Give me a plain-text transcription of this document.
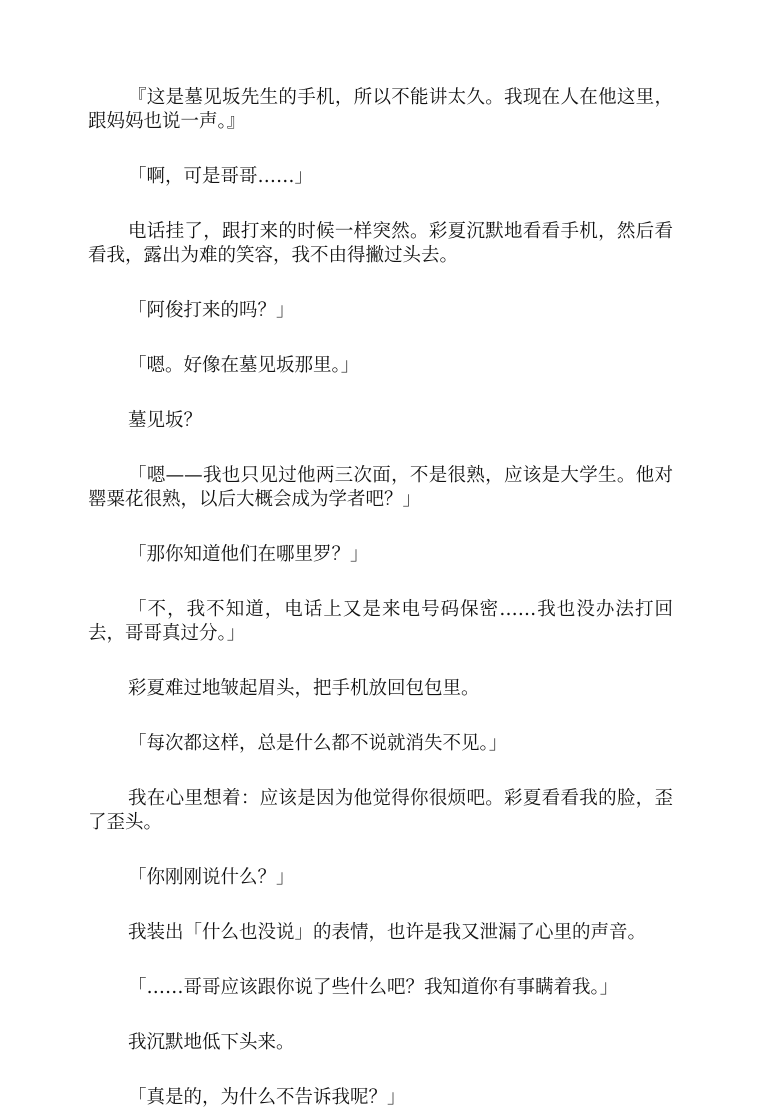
『这是墓见坂先生的手机，所以不能讲太久。我现在人在他这里，跟妈妈也说一声。』

「啊，可是哥哥……」

电话挂了，跟打来的时候一样突然。彩夏沉默地看看手机，然后看看我，露出为难的笑容，我不由得撇过头去。

「阿俊打来的吗？」

「嗯。好像在墓见坂那里。」

墓见坂？

「嗯——我也只见过他两三次面，不是很熟，应该是大学生。他对罂粟花很熟，以后大概会成为学者吧？」

「那你知道他们在哪里罗？」

「不，我不知道，电话上又是来电号码保密……我也没办法打回去，哥哥真过分。」

彩夏难过地皱起眉头，把手机放回包包里。

「每次都这样，总是什么都不说就消失不见。」

我在心里想着：应该是因为他觉得你很烦吧。彩夏看看我的脸，歪了歪头。

「你刚刚说什么？」

我装出「什么也没说」的表情，也许是我又泄漏了心里的声音。

「……哥哥应该跟你说了些什么吧？我知道你有事瞒着我。」

我沉默地低下头来。

「真是的，为什么不告诉我呢？」
